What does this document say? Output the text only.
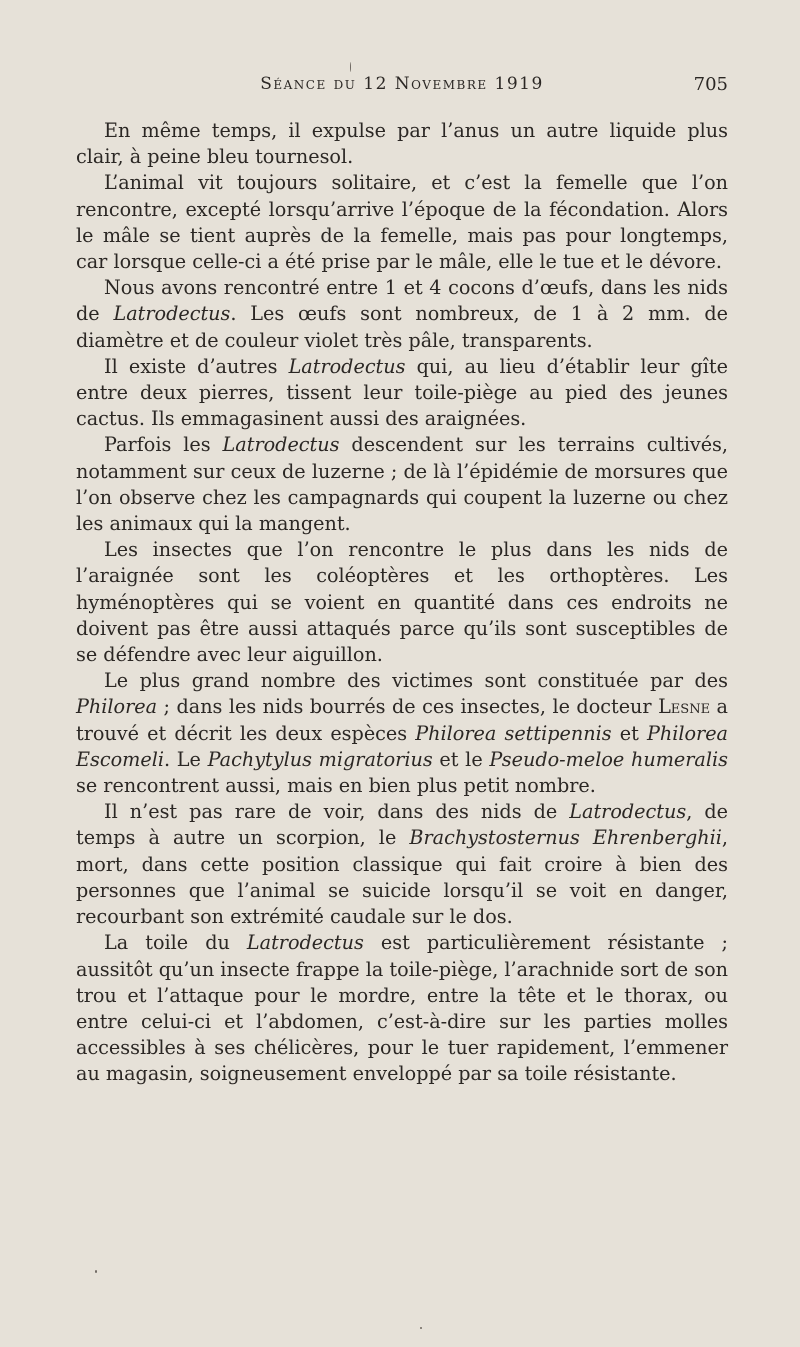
Séance du 12 Novembre 1919	705

En même temps, il expulse par l’anus un autre liquide plus clair, à peine bleu tournesol.

L’animal vit toujours solitaire, et c’est la femelle que l’on rencontre, excepté lorsqu’arrive l’époque de la fécondation. Alors le mâle se tient auprès de la femelle, mais pas pour longtemps, car lorsque celle-ci a été prise par le mâle, elle le tue et le dévore.

Nous avons rencontré entre 1 et 4 cocons d’œufs, dans les nids de Latrodectus. Les œufs sont nombreux, de 1 à 2 mm. de diamètre et de couleur violet très pâle, transparents.

Il existe d’autres Latrodectus qui, au lieu d’établir leur gîte entre deux pierres, tissent leur toile-piège au pied des jeunes cactus. Ils emmagasinent aussi des araignées.

Parfois les Latrodectus descendent sur les terrains cultivés, notamment sur ceux de luzerne ; de là l’épidémie de morsures que l’on observe chez les campagnards qui coupent la luzerne ou chez les animaux qui la mangent.

Les insectes que l’on rencontre le plus dans les nids de l’araignée sont les coléoptères et les orthoptères. Les hyménoptères qui se voient en quantité dans ces endroits ne doivent pas être aussi attaqués parce qu’ils sont susceptibles de se défendre avec leur aiguillon.

Le plus grand nombre des victimes sont constituée par des Philorea ; dans les nids bourrés de ces insectes, le docteur Lesne a trouvé et décrit les deux espèces Philorea settipennis et Philorea Escomeli. Le Pachytylus migratorius et le Pseudo-meloe humeralis se rencontrent aussi, mais en bien plus petit nombre.

Il n’est pas rare de voir, dans des nids de Latrodectus, de temps à autre un scorpion, le Brachystosternus Ehrenberghii, mort, dans cette position classique qui fait croire à bien des personnes que l’animal se suicide lorsqu’il se voit en danger, recourbant son extrémité caudale sur le dos.

La toile du Latrodectus est particulièrement résistante ; aussitôt qu’un insecte frappe la toile-piège, l’arachnide sort de son trou et l’attaque pour le mordre, entre la tête et le thorax, ou entre celui-ci et l’abdomen, c’est-à-dire sur les parties molles accessibles à ses chélicères, pour le tuer rapidement, l’emmener au magasin, soigneusement enveloppé par sa toile résistante.
